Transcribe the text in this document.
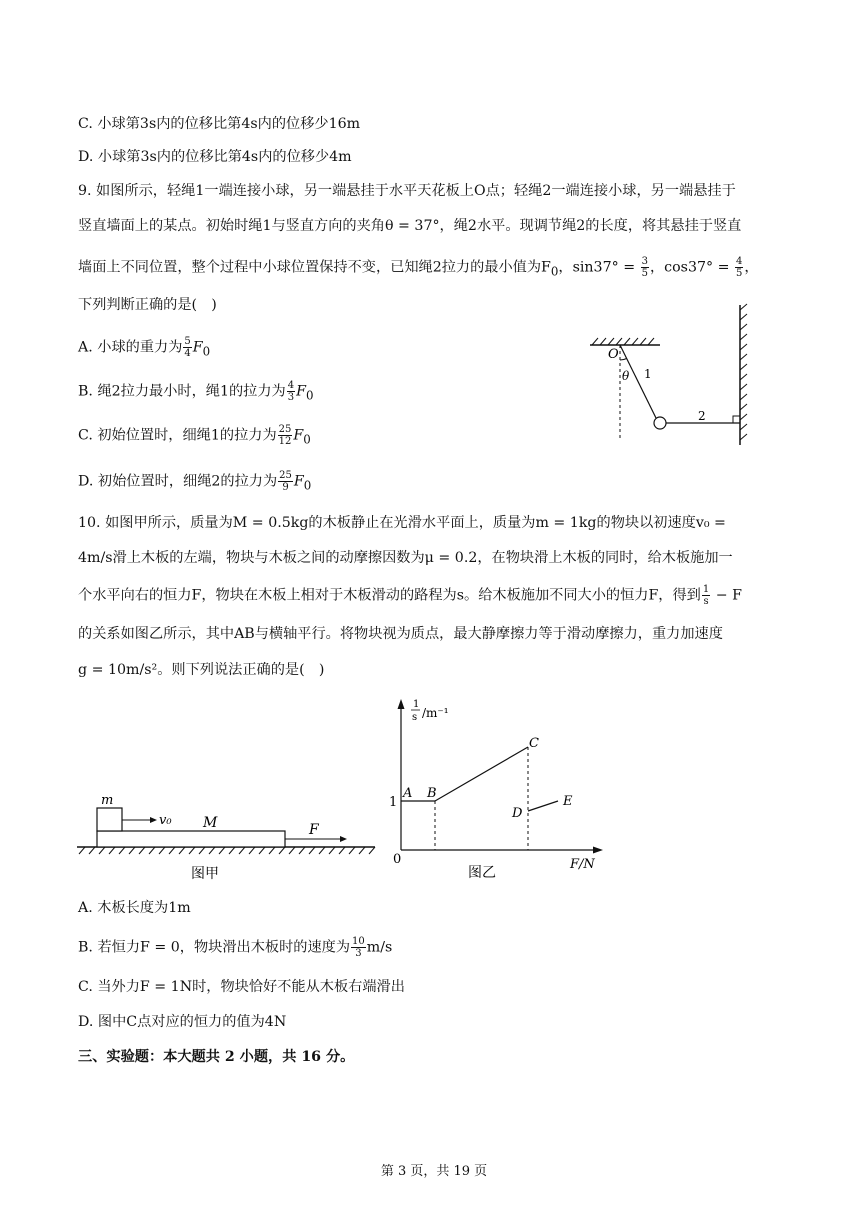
C. 小球第3s内的位移比第4s内的位移少16m
D. 小球第3s内的位移比第4s内的位移少4m
9. 如图所示，轻绳1一端连接小球，另一端悬挂于水平天花板上O点；轻绳2一端连接小球，另一端悬挂于
竖直墙面上的某点。初始时绳1与竖直方向的夹角θ = 37°，绳2水平。现调节绳2的长度，将其悬挂于竖直
墙面上不同位置，整个过程中小球位置保持不变，已知绳2拉力的最小值为$F_0$，$\sin 37^\circ = \frac{3}{5}$ ，$\cos 37^\circ = \frac{4}{5}$ ，
下列判断正确的是(　)
A. 小球的重力为 $\frac{5}{4} F_0$
B. 绳2拉力最小时，绳1的拉力为 $\frac{4}{3} F_0$
C. 初始位置时，细绳1的拉力为 $\frac{25}{12} F_0$
D. 初始位置时，细绳2的拉力为 $\frac{25}{9} F_0$
O
θ 1
2
10. 如图甲所示，质量为M = 0.5kg的木板静止在光滑水平面上，质量为m = 1kg的物块以初速度v₀ =
4m/s滑上木板的左端，物块与木板之间的动摩擦因数为μ = 0.2，在物块滑上木板的同时，给木板施加一
个水平向右的恒力F，物块在木板上相对于木板滑动的路程为s。给木板施加不同大小的恒力F，得到 $\frac{1}{s} - F$
的关系如图乙所示，其中AB与横轴平行。将物块视为质点，最大静摩擦力等于滑动摩擦力，重力加速度
g = 10m/s²。则下列说法正确的是(　)
m
v₀ M	F
图甲
1
s /m⁻¹
1
0
A B
C
D
E
F/N
图乙
A. 木板长度为1m
B. 若恒力F = 0，物块滑出木板时的速度为 $\frac{10}{3} m/s$
C. 当外力F = 1N时，物块恰好不能从木板右端滑出
D. 图中C点对应的恒力的值为4N
三、实验题：本大题共 2 小题，共 16 分。
第 3 页，共 19 页
